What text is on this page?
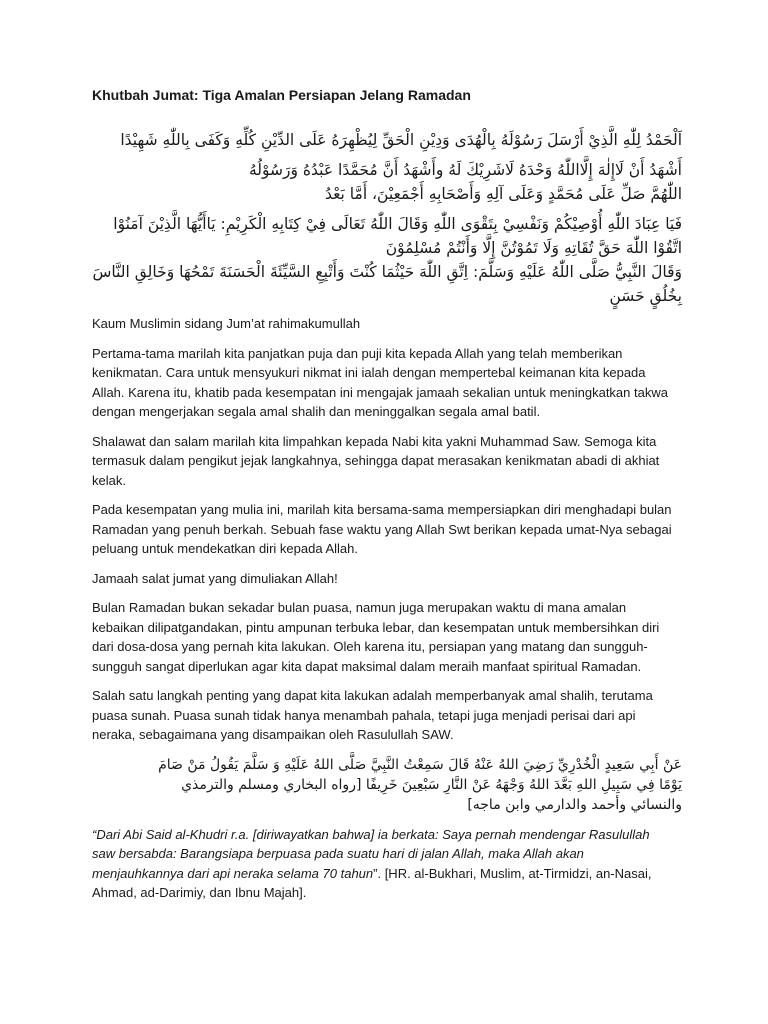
Khutbah Jumat: Tiga Amalan Persiapan Jelang Ramadan

اَلْحَمْدُ لِلّٰهِ الَّذِيْ أَرْسَلَ رَسُوْلَهُ بِالْهُدَى وَدِيْنِ الْحَقِّ لِيُظْهِرَهُ عَلَى الدِّيْنِ كُلِّهِ وَكَفَى بِاللّٰهِ شَهِيْدًا

أَشْهَدُ أَنْ لَاإِلٰهَ إِلَّااللّٰهُ وَحْدَهُ لَاشَرِيْكَ لَهُ وأَشْهَدُ أَنَّ مُحَمَّدًا عَبْدُهُ وَرَسُوْلُهُ

اللّٰهُمَّ صَلِّ عَلَى مُحَمَّدٍ وَعَلَى آلِهِ وَأَصْحَابِهِ أَجْمَعِيْنَ، أَمَّا بَعْدُ

فَيَا عِبَادَ اللّٰهِ أُوْصِيْكُمْ وَنَفْسِيْ بِتَقْوَى اللّٰهِ وَقَالَ اللّٰهُ تَعَالَى فِيْ كِتَابِهِ الْكَرِيْمِ: يَاأَيُّهَا الَّذِيْنَ آمَنُوْا اتَّقُوْا اللّٰهَ حَقَّ تُقَاتِهِ وَلَا تَمُوْتُنَّ إِلَّا وَأَنْتُمْ مُسْلِمُوْنَ

وَقَالَ النَّبِيُّ صَلَّى اللّٰهُ عَلَيْهِ وَسَلَّمَ: اِتَّقِ اللّٰهَ حَيْثُمَا كُنْتَ وَأَتْبِعِ السَّيِّئَةَ الْحَسَنَةَ تَمْحُهَا وَخَالِقِ النَّاسَ بِخُلُقٍ حَسَنٍ

Kaum Muslimin sidang Jum’at rahimakumullah

Pertama-tama marilah kita panjatkan puja dan puji kita kepada Allah yang telah memberikan kenikmatan. Cara untuk mensyukuri nikmat ini ialah dengan mempertebal keimanan kita kepada Allah. Karena itu, khatib pada kesempatan ini mengajak jamaah sekalian untuk meningkatkan takwa dengan mengerjakan segala amal shalih dan meninggalkan segala amal batil.

Shalawat dan salam marilah kita limpahkan kepada Nabi kita yakni Muhammad Saw. Semoga kita termasuk dalam pengikut jejak langkahnya, sehingga dapat merasakan kenikmatan abadi di akhiat kelak.

Pada kesempatan yang mulia ini, marilah kita bersama-sama mempersiapkan diri menghadapi bulan Ramadan yang penuh berkah. Sebuah fase waktu yang Allah Swt berikan kepada umat-Nya sebagai peluang untuk mendekatkan diri kepada Allah.

Jamaah salat jumat yang dimuliakan Allah!

Bulan Ramadan bukan sekadar bulan puasa, namun juga merupakan waktu di mana amalan kebaikan dilipatgandakan, pintu ampunan terbuka lebar, dan kesempatan untuk membersihkan diri dari dosa-dosa yang pernah kita lakukan. Oleh karena itu, persiapan yang matang dan sungguh-sungguh sangat diperlukan agar kita dapat maksimal dalam meraih manfaat spiritual Ramadan.

Salah satu langkah penting yang dapat kita lakukan adalah memperbanyak amal shalih, terutama puasa sunah. Puasa sunah tidak hanya menambah pahala, tetapi juga menjadi perisai dari api neraka, sebagaimana yang disampaikan oleh Rasulullah SAW.

عَنْ أَبِي سَعِيدٍ الْخُدْرِيِّ رَضِيَ اللهُ عَنْهُ قَالَ سَمِعْتُ النَّبِيَّ صَلَّى اللهُ عَلَيْهِ وَ سَلَّمَ يَقُولُ مَنْ صَامَ

يَوْمًا فِي سَبِيلِ اللهِ بَعَّدَ اللهُ وَجْهَهُ عَنْ النَّارِ سَبْعِينَ خَرِيفًا [رواه البخاري ومسلم والترمذي

والنسائي وأحمد والدارمي وابن ماجه]

“Dari Abi Said al-Khudri r.a. [diriwayatkan bahwa] ia berkata: Saya pernah mendengar Rasulullah saw bersabda: Barangsiapa berpuasa pada suatu hari di jalan Allah, maka Allah akan menjauhkannya dari api neraka selama 70 tahun”. [HR. al-Bukhari, Muslim, at-Tirmidzi, an-Nasai, Ahmad, ad-Darimiy, dan Ibnu Majah].
